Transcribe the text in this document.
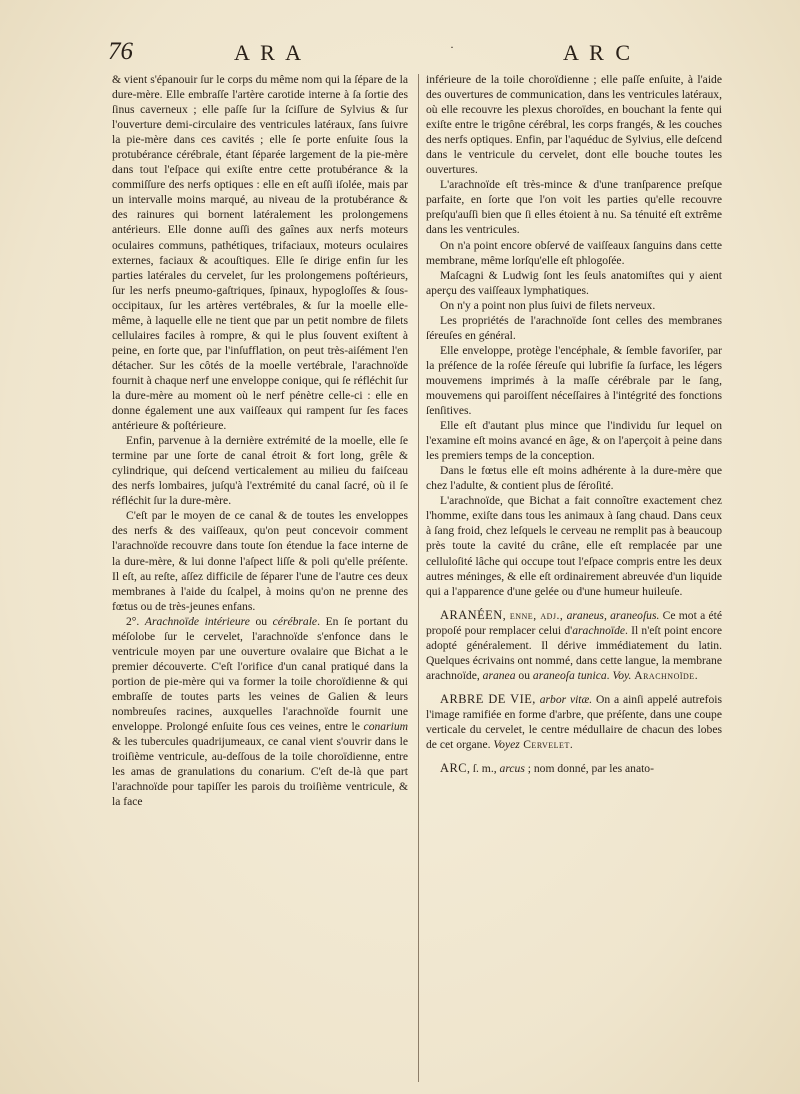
76	A R A	·	A R C

& vient s'épanouir ſur le corps du même nom qui la ſépare de la dure-mère. Elle embraſſe l'artère carotide interne à ſa ſortie des ſinus caverneux ; elle paſſe ſur la ſciſſure de Sylvius & ſur l'ouverture demi-circulaire des ventricules latéraux, ſans ſuivre la pie-mère dans ces cavités ; elle ſe porte enſuite ſous la protubérance cérébrale, étant ſéparée largement de la pie-mère dans tout l'eſpace qui exiſte entre cette protubérance & la commiſſure des nerfs optiques : elle en eſt auſſi iſolée, mais par un intervalle moins marqué, au niveau de la protubérance & des rainures qui bornent latéralement les prolongemens antérieurs. Elle donne auſſi des gaînes aux nerfs moteurs oculaires communs, pathétiques, trifaciaux, moteurs oculaires externes, faciaux & acouſtiques. Elle ſe dirige enfin ſur les parties latérales du cervelet, ſur les prolongemens poſtérieurs, ſur les nerfs pneumo-gaſtriques, ſpinaux, hypogloſſes & ſous-occipitaux, ſur les artères vertébrales, & ſur la moelle elle-même, à laquelle elle ne tient que par un petit nombre de filets cellulaires faciles à rompre, & qui le plus ſouvent exiſtent à peine, en ſorte que, par l'inſufflation, on peut très-aiſément l'en détacher. Sur les côtés de la moelle vertébrale, l'arachnoïde fournit à chaque nerf une enveloppe conique, qui ſe réfléchit ſur la dure-mère au moment où le nerf pénètre celle-ci : elle en donne également une aux vaiſſeaux qui rampent ſur ſes faces antérieure & poſtérieure.

Enfin, parvenue à la dernière extrémité de la moelle, elle ſe termine par une ſorte de canal étroit & fort long, grêle & cylindrique, qui deſcend verticalement au milieu du faiſceau des nerfs lombaires, juſqu'à l'extrémité du canal ſacré, où il ſe réfléchit ſur la dure-mère.

C'eſt par le moyen de ce canal & de toutes les enveloppes des nerfs & des vaiſſeaux, qu'on peut concevoir comment l'arachnoïde recouvre dans toute ſon étendue la face interne de la dure-mère, & lui donne l'aſpect liſſe & poli qu'elle préſente. Il eſt, au reſte, aſſez difficile de ſéparer l'une de l'autre ces deux membranes à l'aide du ſcalpel, à moins qu'on ne prenne des fœtus ou de très-jeunes enfans.

2°. Arachnoïde intérieure ou cérébrale. En ſe portant du méſolobe ſur le cervelet, l'arachnoïde s'enfonce dans le ventricule moyen par une ouverture ovalaire que Bichat a le premier découverte. C'eſt l'orifice d'un canal pratiqué dans la portion de pie-mère qui va former la toile choroïdienne & qui embraſſe de toutes parts les veines de Galien & leurs nombreuſes racines, auxquelles l'arachnoïde fournit une enveloppe. Prolongé enſuite ſous ces veines, entre le conarium & les tubercules quadrijumeaux, ce canal vient s'ouvrir dans le troiſième ventricule, au-deſſous de la toile choroïdienne, entre les amas de granulations du conarium. C'eſt de-là que part l'arachnoïde pour tapiſſer les parois du troiſième ventricule, & la face

inférieure de la toile choroïdienne ; elle paſſe enſuite, à l'aide des ouvertures de communication, dans les ventricules latéraux, où elle recouvre les plexus choroïdes, en bouchant la fente qui exiſte entre le trigône cérébral, les corps frangés, & les couches des nerfs optiques. Enfin, par l'aquéduc de Sylvius, elle deſcend dans le ventricule du cervelet, dont elle bouche toutes les ouvertures.

L'arachnoïde eſt très-mince & d'une tranſparence preſque parfaite, en ſorte que l'on voit les parties qu'elle recouvre preſqu'auſſi bien que ſi elles étoient à nu. Sa ténuité eſt extrême dans les ventricules.

On n'a point encore obſervé de vaiſſeaux ſanguins dans cette membrane, même lorſqu'elle eſt phlogoſée.

Maſcagni & Ludwig ſont les ſeuls anatomiſtes qui y aient aperçu des vaiſſeaux lymphatiques.

On n'y a point non plus ſuivi de filets nerveux.

Les propriétés de l'arachnoïde ſont celles des membranes ſéreuſes en général.

Elle enveloppe, protège l'encéphale, & ſemble favoriſer, par la préſence de la roſée ſéreuſe qui lubrifie ſa ſurface, les légers mouvemens imprimés à la maſſe cérébrale par le ſang, mouvemens qui paroiſſent néceſſaires à l'intégrité des fonctions ſenſitives.

Elle eſt d'autant plus mince que l'individu ſur lequel on l'examine eſt moins avancé en âge, & on l'aperçoit à peine dans les premiers temps de la conception.

Dans le fœtus elle eſt moins adhérente à la dure-mère que chez l'adulte, & contient plus de ſéroſité.

L'arachnoïde, que Bichat a fait connoître exactement chez l'homme, exiſte dans tous les animaux à ſang chaud. Dans ceux à ſang froid, chez leſquels le cerveau ne remplit pas à beaucoup près toute la cavité du crâne, elle eſt remplacée par une celluloſité lâche qui occupe tout l'eſpace compris entre les deux autres méninges, & elle eſt ordinairement abreuvée d'un liquide qui a l'apparence d'une gelée ou d'une humeur huileuſe.

ARANÉEN, enne, adj., araneus, araneoſus. Ce mot a été propoſé pour remplacer celui d'arachnoïde. Il n'eſt point encore adopté généralement. Il dérive immédiatement du latin. Quelques écrivains ont nommé, dans cette langue, la membrane arachnoïde, aranea ou araneoſa tunica. Voy. Arachnoïde.

ARBRE DE VIE, arbor vitæ. On a ainſi appelé autrefois l'image ramifiée en forme d'arbre, que préſente, dans une coupe verticale du cervelet, le centre médullaire de chacun des lobes de cet organe. Voyez Cervelet.

ARC, ſ. m., arcus ; nom donné, par les anato-
